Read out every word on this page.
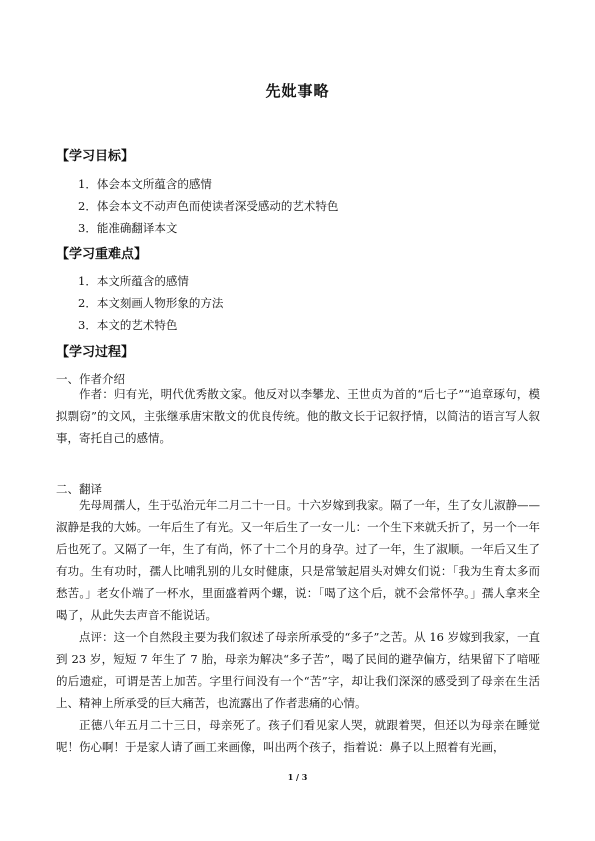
先妣事略
【学习目标】
1．体会本文所蕴含的感情
2．体会本文不动声色而使读者深受感动的艺术特色
3．能准确翻译本文
【学习重难点】
1．本文所蕴含的感情
2．本文刻画人物形象的方法
3．本文的艺术特色
【学习过程】
一、作者介绍

作者：归有光，明代优秀散文家。他反对以李攀龙、王世贞为首的“后七子”“追章琢句，模拟剽窃”的文风，主张继承唐宋散文的优良传统。他的散文长于记叙抒情，以简洁的语言写人叙事，寄托自己的感情。

二、翻译

先母周孺人，生于弘治元年二月二十一日。十六岁嫁到我家。隔了一年，生了女儿淑静——淑静是我的大姊。一年后生了有光。又一年后生了一女一儿：一个生下来就夭折了，另一个一年后也死了。又隔了一年，生了有尚，怀了十二个月的身孕。过了一年，生了淑顺。一年后又生了有功。生有功时，孺人比哺乳别的儿女时健康，只是常皱起眉头对婢女们说：「我为生育太多而愁苦。」老女仆端了一杯水，里面盛着两个螺，说：「喝了这个后，就不会常怀孕。」孺人拿来全喝了，从此失去声音不能说话。

点评：这一个自然段主要为我们叙述了母亲所承受的“多子”之苦。从 16 岁嫁到我家，一直到 23 岁，短短 7 年生了 7 胎，母亲为解决“多子苦”，喝了民间的避孕偏方，结果留下了喑哑的后遗症，可谓是苦上加苦。字里行间没有一个“苦”字，却让我们深深的感受到了母亲在生活上、精神上所承受的巨大痛苦，也流露出了作者悲痛的心情。

正德八年五月二十三日，母亲死了。孩子们看见家人哭，就跟着哭，但还以为母亲在睡觉呢！伤心啊！于是家人请了画工来画像，叫出两个孩子，指着说：鼻子以上照着有光画，

1 / 3
